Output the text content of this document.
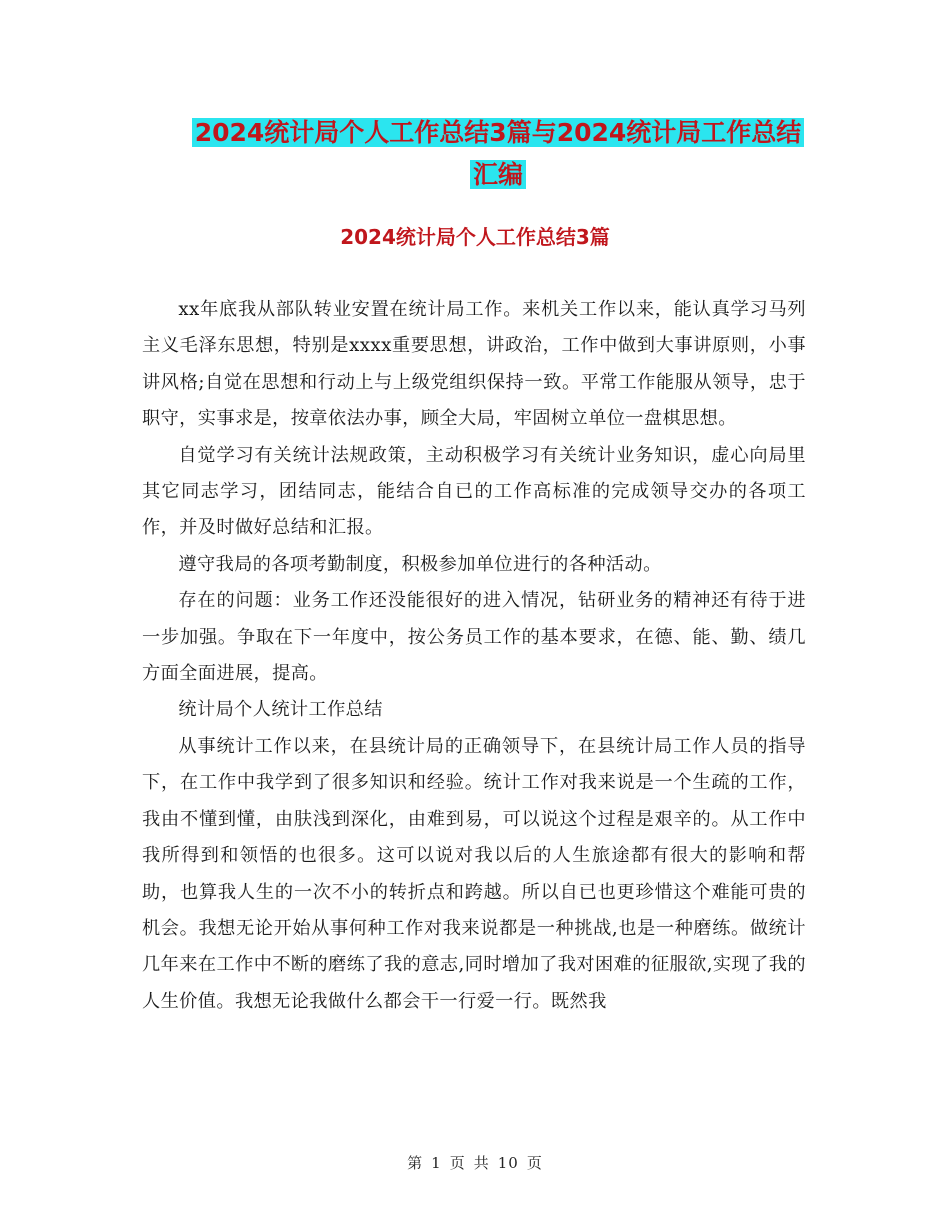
2024统计局个人工作总结3篇与2024统计局工作总结
汇编
2024统计局个人工作总结3篇

xx年底我从部队转业安置在统计局工作。来机关工作以来，能认真学习马列主义毛泽东思想，特别是xxxx重要思想，讲政治，工作中做到大事讲原则，小事讲风格;自觉在思想和行动上与上级党组织保持一致。平常工作能服从领导，忠于职守，实事求是，按章依法办事，顾全大局，牢固树立单位一盘棋思想。

自觉学习有关统计法规政策，主动积极学习有关统计业务知识，虚心向局里其它同志学习，团结同志，能结合自已的工作高标准的完成领导交办的各项工作，并及时做好总结和汇报。

遵守我局的各项考勤制度，积极参加单位进行的各种活动。

存在的问题：业务工作还没能很好的进入情况，钻研业务的精神还有待于进一步加强。争取在下一年度中，按公务员工作的基本要求，在德、能、勤、绩几方面全面进展，提高。

统计局个人统计工作总结

从事统计工作以来，在县统计局的正确领导下，在县统计局工作人员的指导下，在工作中我学到了很多知识和经验。统计工作对我来说是一个生疏的工作，我由不懂到懂，由肤浅到深化，由难到易，可以说这个过程是艰辛的。从工作中我所得到和领悟的也很多。这可以说对我以后的人生旅途都有很大的影响和帮助，也算我人生的一次不小的转折点和跨越。所以自已也更珍惜这个难能可贵的机会。我想无论开始从事何种工作对我来说都是一种挑战,也是一种磨练。做统计几年来在工作中不断的磨练了我的意志,同时增加了我对困难的征服欲,实现了我的人生价值。我想无论我做什么都会干一行爱一行。既然我

第 1 页 共 10 页
